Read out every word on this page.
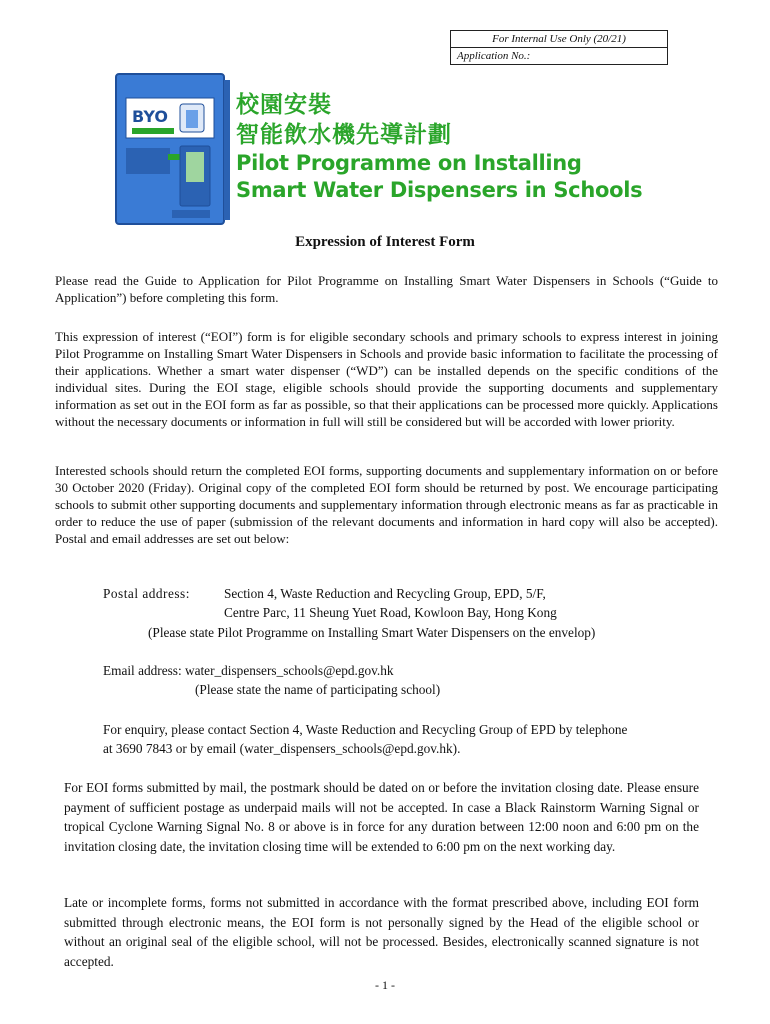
For Internal Use Only (20/21)
Application No.:
BYO	校園安裝
智能飲水機先導計劃
Pilot Programme on Installing
Smart Water Dispensers in Schools
Expression of Interest Form
Please read the Guide to Application for Pilot Programme on Installing Smart Water Dispensers in Schools (“Guide to Application”) before completing this form.
This expression of interest (“EOI”) form is for eligible secondary schools and primary schools to express interest in joining Pilot Programme on Installing Smart Water Dispensers in Schools and provide basic information to facilitate the processing of their applications. Whether a smart water dispenser (“WD”) can be installed depends on the specific conditions of the individual sites. During the EOI stage, eligible schools should provide the supporting documents and supplementary information as set out in the EOI form as far as possible, so that their applications can be processed more quickly. Applications without the necessary documents or information in full will still be considered but will be accorded with lower priority.
Interested schools should return the completed EOI forms, supporting documents and supplementary information on or before 30 October 2020 (Friday). Original copy of the completed EOI form should be returned by post. We encourage participating schools to submit other supporting documents and supplementary information through electronic means as far as practicable in order to reduce the use of paper (submission of the relevant documents and information in hard copy will also be accepted). Postal and email addresses are set out below:
Postal address:	Section 4, Waste Reduction and Recycling Group, EPD, 5/F,
Centre Parc, 11 Sheung Yuet Road, Kowloon Bay, Hong Kong
(Please state Pilot Programme on Installing Smart Water Dispensers on the envelop)
Email address: water_dispensers_schools@epd.gov.hk
(Please state the name of participating school)
For enquiry, please contact Section 4, Waste Reduction and Recycling Group of EPD by telephone
at 3690 7843 or by email (water_dispensers_schools@epd.gov.hk).
For EOI forms submitted by mail, the postmark should be dated on or before the invitation closing date. Please ensure payment of sufficient postage as underpaid mails will not be accepted. In case a Black Rainstorm Warning Signal or tropical Cyclone Warning Signal No. 8 or above is in force for any duration between 12:00 noon and 6:00 pm on the invitation closing date, the invitation closing time will be extended to 6:00 pm on the next working day.
Late or incomplete forms, forms not submitted in accordance with the format prescribed above, including EOI form submitted through electronic means, the EOI form is not personally signed by the Head of the eligible school or without an original seal of the eligible school, will not be processed. Besides, electronically scanned signature is not accepted.
- 1 -
